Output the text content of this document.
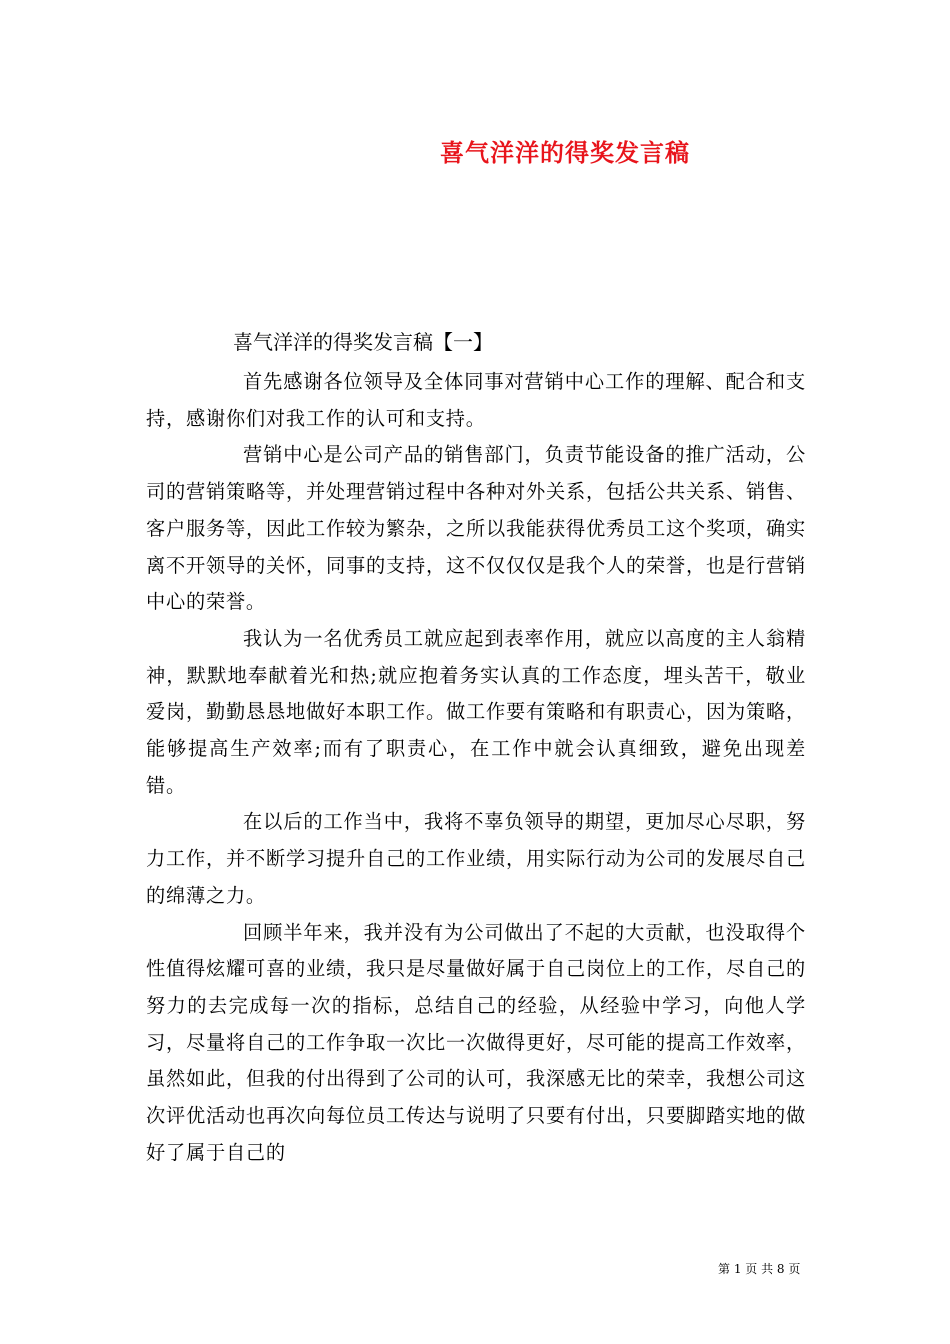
喜气洋洋的得奖发言稿
喜气洋洋的得奖发言稿【一】

首先感谢各位领导及全体同事对营销中心工作的理解、配合和支持，感谢你们对我工作的认可和支持。

营销中心是公司产品的销售部门，负责节能设备的推广活动，公司的营销策略等，并处理营销过程中各种对外关系，包括公共关系、销售、客户服务等，因此工作较为繁杂，之所以我能获得优秀员工这个奖项，确实离不开领导的关怀，同事的支持，这不仅仅仅是我个人的荣誉，也是行营销中心的荣誉。

我认为一名优秀员工就应起到表率作用，就应以高度的主人翁精神，默默地奉献着光和热;就应抱着务实认真的工作态度，埋头苦干，敬业爱岗，勤勤恳恳地做好本职工作。做工作要有策略和有职责心，因为策略，能够提高生产效率;而有了职责心，在工作中就会认真细致，避免出现差错。

在以后的工作当中，我将不辜负领导的期望，更加尽心尽职，努力工作，并不断学习提升自己的工作业绩，用实际行动为公司的发展尽自己的绵薄之力。

回顾半年来，我并没有为公司做出了不起的大贡献，也没取得个性值得炫耀可喜的业绩，我只是尽量做好属于自己岗位上的工作，尽自己的努力的去完成每一次的指标，总结自己的经验，从经验中学习，向他人学习，尽量将自己的工作争取一次比一次做得更好，尽可能的提高工作效率，虽然如此，但我的付出得到了公司的认可，我深感无比的荣幸，我想公司这次评优活动也再次向每位员工传达与说明了只要有付出，只要脚踏实地的做好了属于自己的

第 1 页 共 8 页
